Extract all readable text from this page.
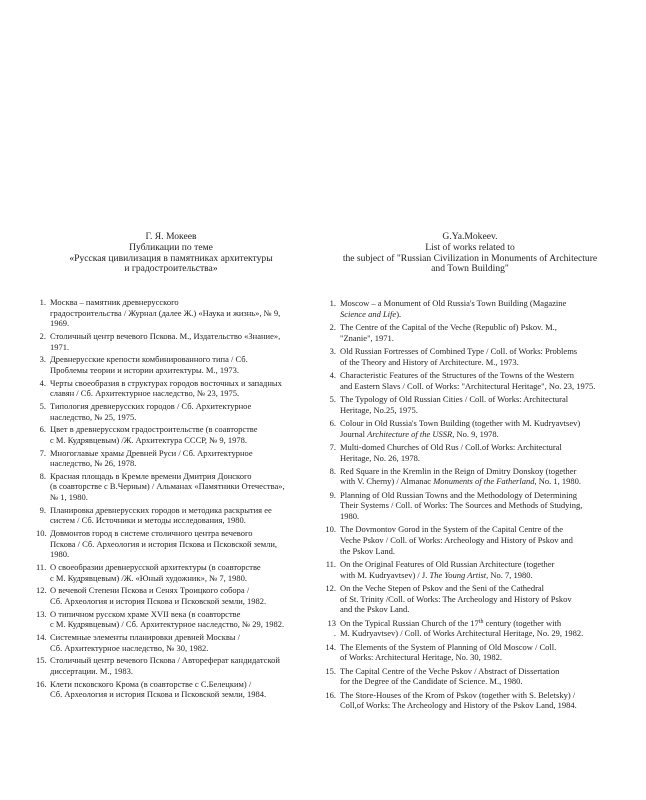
Г. Я. Мокеев
Публикации по теме
«Русская цивилизация в памятниках архитектуры
и градостроительства»
1. Москва – памятник древнерусского
градостроительства / Журнал (далее Ж.) «Наука и жизнь», № 9,
1969.
2. Столичный центр вечевого Пскова. М., Издательство «Знание»,
1971.
3. Древнерусские крепости комбинированного типа / Сб.
Проблемы теории и истории архитектуры. М., 1973.
4. Черты своеобразия в структурах городов восточных и западных
славян / Сб. Архитектурное наследство, № 23, 1975.
5. Типология древнерусских городов / Сб. Архитектурное
наследство, № 25, 1975.
6. Цвет в древнерусском градостроительстве (в соавторстве
с М. Кудрявцевым) /Ж. Архитектура СССР, № 9, 1978.
7. Многоглавые храмы Древней Руси / Сб. Архитектурное
наследство, № 26, 1978.
8. Красная площадь в Кремле времени Дмитрия Донского
(в соавторстве с В.Черным) / Альманах «Памятники Отечества»,
№ 1, 1980.
9. Планировка древнерусских городов и методика раскрытия ее
систем / Сб. Источники и методы исследования, 1980.
10. Довмонтов город в системе столичного центра вечевого
Пскова / Сб. Археология и история Пскова и Псковской земли,
1980.
11. О своеобразии древнерусской архитектуры (в соавторстве
с М. Кудрявцевым) /Ж. «Юный художник», № 7, 1980.
12. О вечевой Степени Пскова и Сенях Троицкого собора /
Сб. Археология и история Пскова и Псковской земли, 1982.
13. О типичном русском храме XVII века (в соавторстве
с М. Кудрявцевым) / Сб. Архитектурное наследство, № 29, 1982.
14. Системные элементы планировки древней Москвы /
Сб. Архитектурное наследство, № 30, 1982.
15. Столичный центр вечевого Пскова / Автореферат кандидатской
диссертации. М., 1983.
16. Клети псковского Крома (в соавторстве с С.Белецким) /
Сб. Археология и история Пскова и Псковской земли, 1984.
G.Ya.Mokeev.
List of works related to
the subject of "Russian Civilization in Monuments of Architecture
and Town Building"
1. Moscow – a Monument of Old Russia's Town Building (Magazine
Science and Life).
2. The Centre of the Capital of the Veche (Republic of) Pskov. M.,
"Znanie", 1971.
3. Old Russian Fortresses of Combined Type / Coll. of Works: Problems
of the Theory and History of Architecture. M., 1973.
4. Characteristic Features of the Structures of the Towns of the Western
and Eastern Slavs / Coll. of Works: "Architectural Heritage", No. 23, 1975.
5. The Typology of Old Russian Cities / Coll. of Works: Architectural
Heritage, No.25, 1975.
6. Colour in Old Russia's Town Building (together with M. Kudryavtsev)
Journal Architecture of the USSR, No. 9, 1978.
7. Multi-domed Churches of Old Rus / Coll.of Works: Architectural
Heritage, No. 26, 1978.
8. Red Square in the Kremlin in the Reign of Dmitry Donskoy (together
with V. Cherny) / Almanac Monuments of the Fatherland, No. 1, 1980.
9. Planning of Old Russian Towns and the Methodology of Determining
Their Systems / Coll. of Works: The Sources and Methods of Studying,
1980.
10. The Dovmontov Gorod in the System of the Capital Centre of the
Veche Pskov / Coll. of Works: Archeology and History of Pskov and
the Pskov Land.
11. On the Original Features of Old Russian Architecture (together
with M. Kudryavtsev) / J. The Young Artist, No. 7, 1980.
12. On the Veche Stepen of Pskov and the Seni of the Cathedral
of St. Trinity /Coll. of Works: The Archeology and History of Pskov
and the Pskov Land.
13 .
On the Typical Russian Church of the 17th century (together with
M. Kudryavtsev) / Coll. of Works Architectural Heritage, No. 29, 1982.
14. The Elements of the System of Planning of Old Moscow / Coll.
of Works: Architectural Heritage, No. 30, 1982.
15. The Capital Centre of the Veche Pskov / Abstract of Dissertation
for the Degree of the Candidate of Science. M., 1980.
16. The Store-Houses of the Krom of Pskov (together with S. Beletsky) /
Coll,of Works: The Archeology and History of the Pskov Land, 1984.
